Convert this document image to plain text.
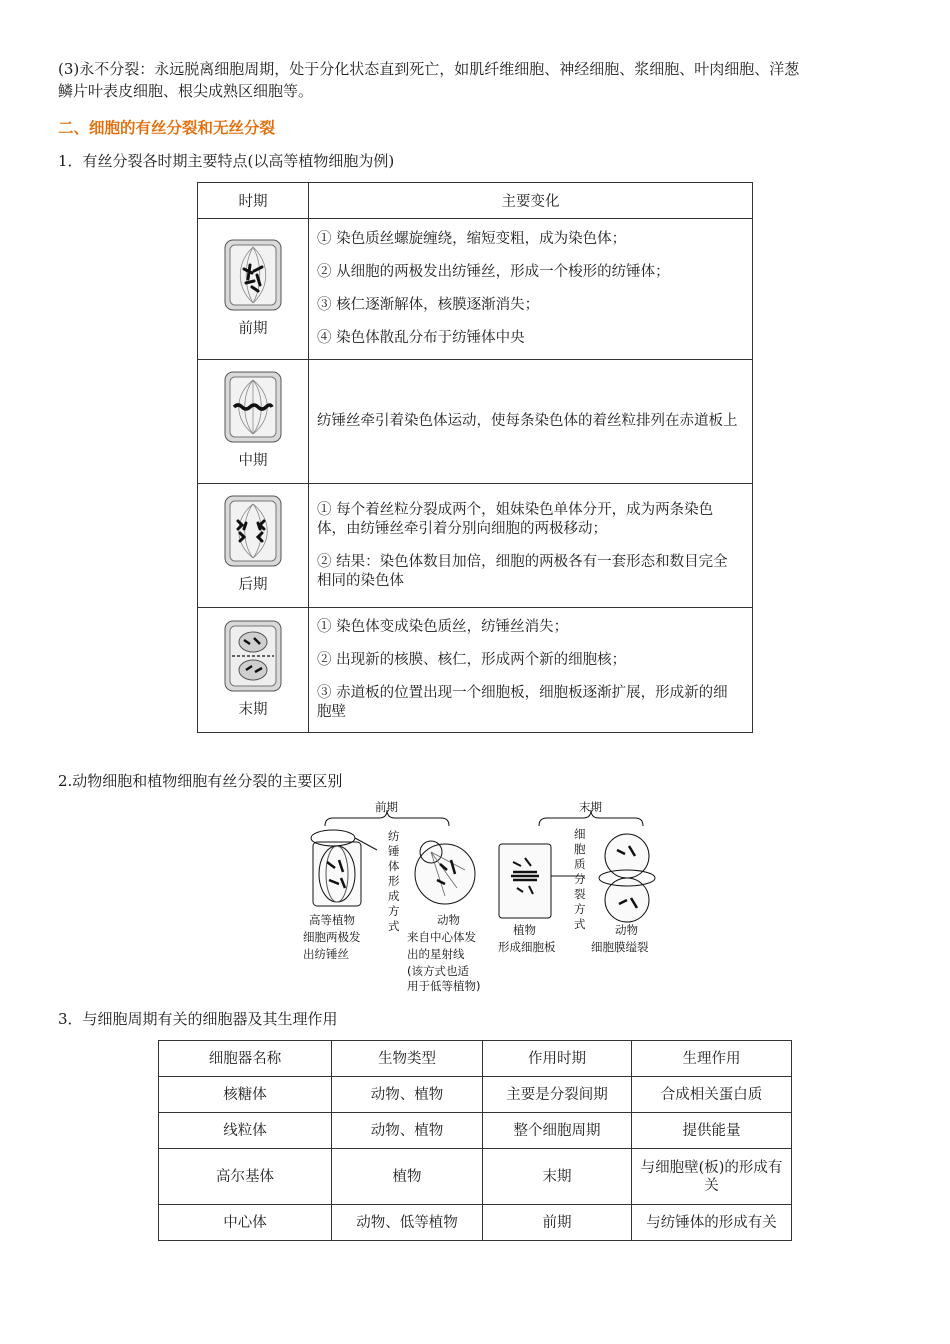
(3)永不分裂：永远脱离细胞周期，处于分化状态直到死亡，如肌纤维细胞、神经细胞、浆细胞、叶肉细胞、洋葱
鳞片叶表皮细胞、根尖成熟区细胞等。

二、细胞的有丝分裂和无丝分裂

1．有丝分裂各时期主要特点(以高等植物细胞为例)

时期	主要变化

前期	① 染色质丝螺旋缠绕，缩短变粗，成为染色体；

② 从细胞的两极发出纺锤丝，形成一个梭形的纺锤体；

③ 核仁逐渐解体，核膜逐渐消失；

④ 染色体散乱分布于纺锤体中央

中期	纺锤丝牵引着染色体运动，使每条染色体的着丝粒排列在赤道板上

后期	① 每个着丝粒分裂成两个，姐妹染色单体分开，成为两条染色体，由纺锤丝牵引着分别向细胞的两极移动；

② 结果：染色体数目加倍，细胞的两极各有一套形态和数目完全相同的染色体

末期	① 染色体变成染色质丝，纺锤丝消失；

② 出现新的核膜、核仁，形成两个新的细胞核；

③ 赤道板的位置出现一个细胞板，细胞板逐渐扩展，形成新的细胞壁

2.动物细胞和植物细胞有丝分裂的主要区别

前期	末期
纺
锤
体
形
成
方
式
细
胞
质
分
裂
方
式
高等植物
细胞两极发
出纺锤丝
动物
来自中心体发
出的星射线
(该方式也适
用于低等植物)
植物
形成细胞板
动物
细胞膜缢裂

3．与细胞周期有关的细胞器及其生理作用

细胞器名称	生物类型	作用时期	生理作用
核糖体	动物、植物	主要是分裂间期	合成相关蛋白质
线粒体	动物、植物	整个细胞周期	提供能量
高尔基体	植物	末期	与细胞壁(板)的形成有关
中心体	动物、低等植物	前期	与纺锤体的形成有关
